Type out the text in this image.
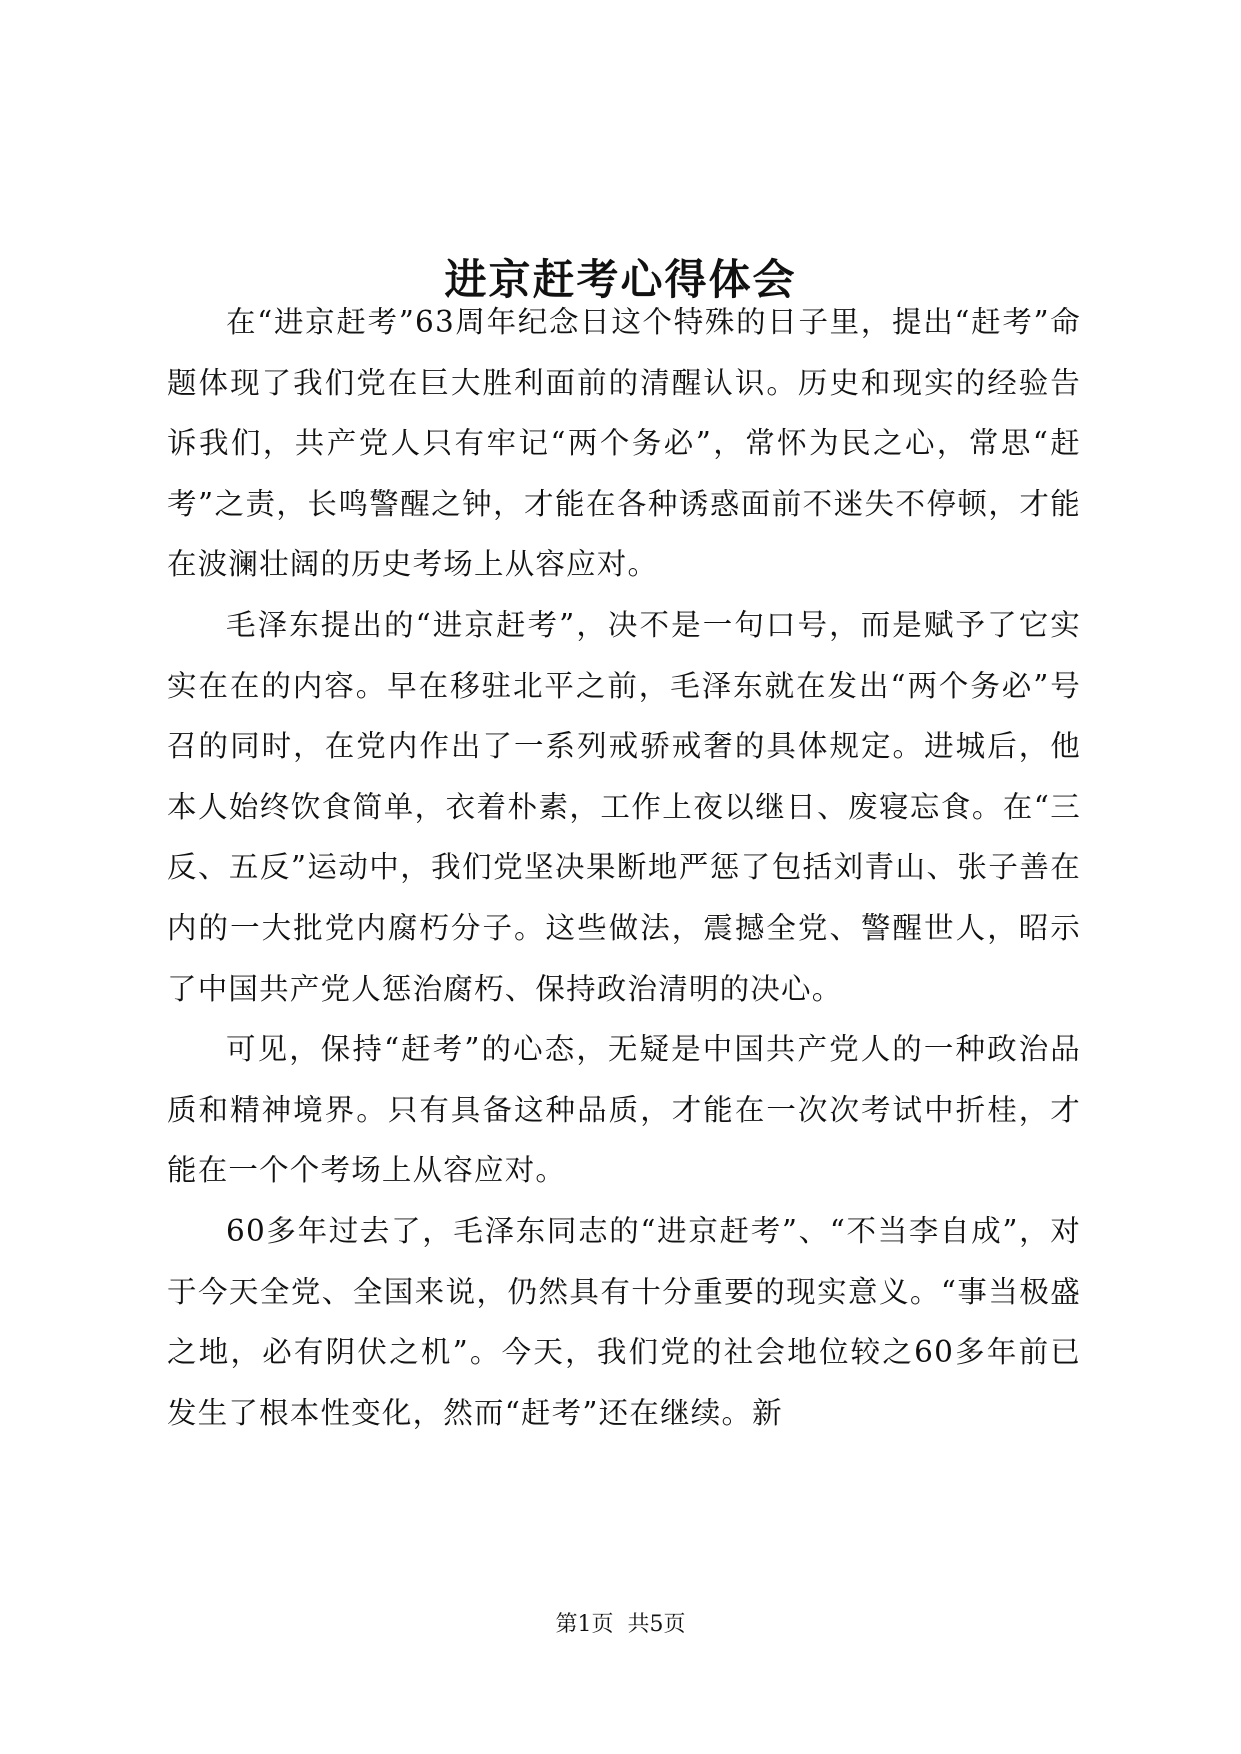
进京赶考心得体会

在“进京赶考”63周年纪念日这个特殊的日子里，提出“赶考”命题体现了我们党在巨大胜利面前的清醒认识。历史和现实的经验告诉我们，共产党人只有牢记“两个务必”，常怀为民之心，常思“赶考”之责，长鸣警醒之钟，才能在各种诱惑面前不迷失不停顿，才能在波澜壮阔的历史考场上从容应对。

毛泽东提出的“进京赶考”，决不是一句口号，而是赋予了它实实在在的内容。早在移驻北平之前，毛泽东就在发出“两个务必”号召的同时，在党内作出了一系列戒骄戒奢的具体规定。进城后，他本人始终饮食简单，衣着朴素，工作上夜以继日、废寝忘食。在“三反、五反”运动中，我们党坚决果断地严惩了包括刘青山、张子善在内的一大批党内腐朽分子。这些做法，震撼全党、警醒世人，昭示了中国共产党人惩治腐朽、保持政治清明的决心。

可见，保持“赶考”的心态，无疑是中国共产党人的一种政治品质和精神境界。只有具备这种品质，才能在一次次考试中折桂，才能在一个个考场上从容应对。

60多年过去了，毛泽东同志的“进京赶考”、“不当李自成”，对于今天全党、全国来说，仍然具有十分重要的现实意义。“事当极盛之地，必有阴伏之机”。今天，我们党的社会地位较之60多年前已发生了根本性变化，然而“赶考”还在继续。新

第1页  共5页
